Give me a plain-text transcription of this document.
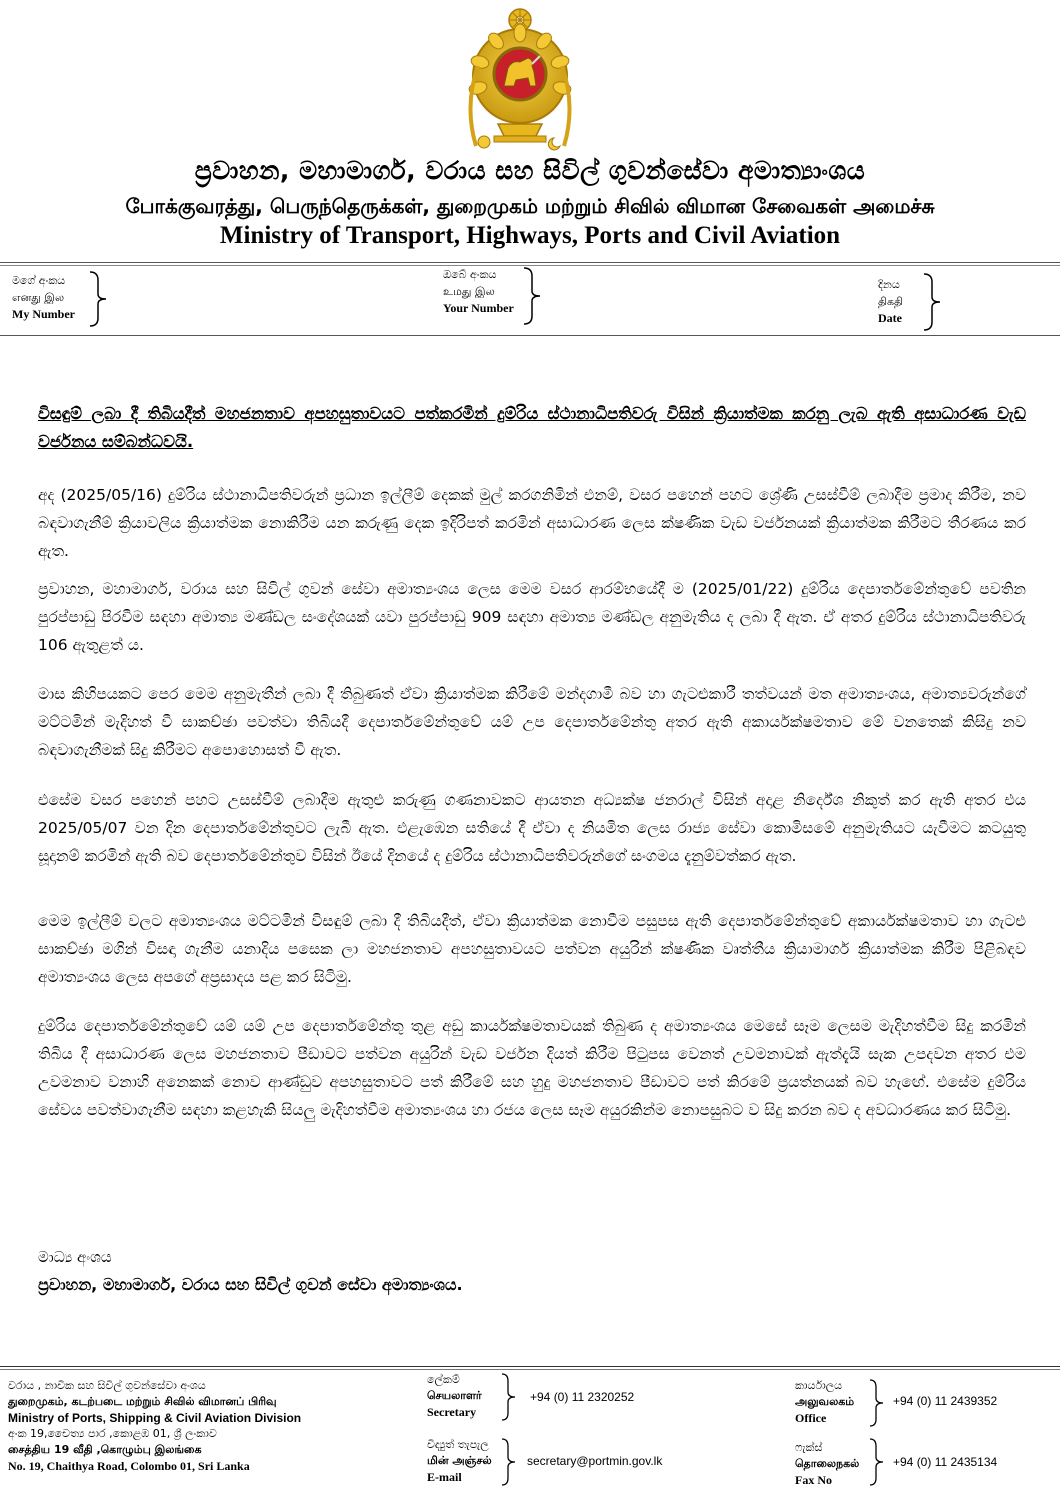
ප්‍රවාහන, මහාමාර්ග, වරාය සහ සිවිල් ගුවන්සේවා අමාත්‍යාංශය
போக்குவரத்து, பெருந்தெருக்கள், துறைமுகம் மற்றும் சிவில் விமான சேவைகள் அமைச்சு
Ministry of Transport, Highways, Ports and Civil Aviation
මගේ අංකය
எனது இல
My Number
ඔබේ අංකය
உமது இல
Your Number
දිනය
திகதி
Date
විසඳුම් ලබා දී තිබියදීත් මහජනතාව අපහසුතාවයට පත්කරමින් දුම්රිය ස්ථානාධිපතිවරු විසින් ක්‍රියාත්මක කරනු ලැබ ඇති අසාධාරණ වැඩ වර්ජනය සම්බන්ධවයි.
අද (2025/05/16) දුම්රිය ස්ථානාධිපතිවරුන් ප්‍රධාන ඉල්ලීම් දෙකක් මුල් කරගනිමින් එනම්, වසර පහෙන් පහට ශ්‍රේණි උසස්වීම් ලබාදීම ප්‍රමාද කිරීම, නව බඳවාගැනීම් ක්‍රියාවලිය ක්‍රියාත්මක නොකිරීම යන කරුණු දෙක ඉදිරිපත් කරමින් අසාධාරණ ලෙස ක්ෂණික වැඩ වර්ජනයක් ක්‍රියාත්මක කිරීමට තීරණය කර ඇත.
ප්‍රවාහන, මහාමාර්ග, වරාය සහ සිවිල් ගුවන් සේවා අමාත්‍යංශය ලෙස මෙම වසර ආරම්භයේදී ම (2025/01/22) දුම්රිය දෙපාර්තමේන්තුවේ පවතින පුරප්පාඩු පිරවීම සඳහා අමාත්‍ය මණ්ඩල සංදේශයක් යවා පුරප්පාඩු 909 සඳහා අමාත්‍ය මණ්ඩල අනුමැතිය ද ලබා දී ඇත. ඒ අතර දුම්රිය ස්ථානාධිපතිවරු 106 ඇතුළත් ය.
මාස කිහිපයකට පෙර මෙම අනුමැතීන් ලබා දී තිබුණත් ඒවා ක්‍රියාත්මක කිරීමේ මන්දගාමී බව හා ගැටළුකාරී තත්වයන් මත අමාත්‍යංශය, අමාත්‍යවරුන්ගේ මට්ටමින් මැදිහත් වී සාකච්ඡා පවත්වා තිබියදී දෙපාර්තමේන්තුවේ යම් උප දෙපාර්තමේන්තු අතර ඇති අකාර්යක්ෂමතාව මේ වනතෙක් කිසිදු නව බඳවාගැනීමක් සිදු කිරීමට අපොහොසත් වී ඇත.
එසේම වසර පහෙන් පහට උසස්වීම් ලබාදීම ඇතුළු කරුණු ගණනාවකට ආයතන අධ්‍යක්ෂ ජනරාල් විසින් අදාළ නිර්දේශ නිකුත් කර ඇති අතර එය 2025/05/07 වන දින දෙපාර්තමේන්තුවට ලැබී ඇත. එළැඹෙන සතියේ දී ඒවා ද නියමිත ලෙස රාජ්‍ය සේවා කොමිසමේ අනුමැතියට යැවීමට කටයුතු සූදානම් කරමින් ඇති බව දෙපාර්තමේන්තුව විසින් ඊයේ දිනයේ ද දුම්රිය ස්ථානාධිපතිවරුන්ගේ සංගමය දැනුම්වත්කර ඇත.
මෙම ඉල්ලීම් වලට අමාත්‍යංශය මට්ටමින් විසඳුම් ලබා දී තිබියදීත්, ඒවා ක්‍රියාත්මක නොවීම පසුපස ඇති දෙපාර්තමේන්තුවේ අකාර්යක්ෂමතාව හා ගැටළු සාකච්ඡා මගින් විසඳා ගැනීම යනාදිය පසෙක ලා මහජනතාව අපහසුතාවයට පත්වන අයුරින් ක්ෂණික වෘත්තීය ක්‍රියාමාර්ග ක්‍රියාත්මක කිරීම පිළිබඳව අමාත්‍යංශය ලෙස අපගේ අප්‍රසාදය පළ කර සිටිමු.
දුම්රිය දෙපාර්තමේන්තුවේ යම් යම් උප දෙපාර්තමේන්තු තුළ අඩු කාර්යක්ෂමතාවයක් තිබුණ ද අමාත්‍යංශය මෙසේ සෑම ලෙසම මැදිහත්වීම සිදු කරමින් තිබිය දී අසාධාරණ ලෙස මහජනතාව පීඩාවට පත්වන අයුරින් වැඩ වර්ජන දියත් කිරීම පිටුපස වෙනත් උවමනාවක් ඇත්දැයි සැක උපදවන අතර එම උවමනාව වනාහි අනෙකක් නොව ආණ්ඩුව අපහසුතාවට පත් කිරීමේ සහ හුදු මහජනතාව පීඩාවට පත් කිරමේ ප්‍රයත්නයක් බව හැඟේ. එසේම දුම්රිය සේවය පවත්වාගැනීම සඳහා කළහැකි සියලු මැදිහත්වීම අමාත්‍යංශය හා රජය ලෙස සෑම අයුරකින්ම නොපසුබට ව සිදු කරන බව ද අවධාරණය කර සිටිමු.
මාධ්‍ය අංශය
ප්‍රවාහන, මහාමාර්ග, වරාය සහ සිවිල් ගුවන් සේවා අමාත්‍යංශය.
වරාය , නාවික සහ සිවිල් ගුවන්සේවා අංශය
துறைமுகம், கடற்படை மற்றும் சிவில் விமானப் பிரிவு
Ministry of Ports, Shipping & Civil Aviation Division
අංක 19,චෛත්‍ය පාර ,කොළඹ 01, ශ්‍රී ලංකාව
சைத்திய 19 வீதி ,கொழும்பு இலங்கை
No. 19, Chaithya Road, Colombo 01, Sri Lanka
ලේකම්
செயலாளர்
Secretary
+94 (0) 11 2320252
විද්‍යුත් තැපැල
மின் அஞ்சல்
E-mail
secretary@portmin.gov.lk
කාර්යාලය
அலுவலகம்
Office
+94 (0) 11 2439352
ෆැක්ස්
தொலைநகல்
Fax No
+94 (0) 11 2435134
